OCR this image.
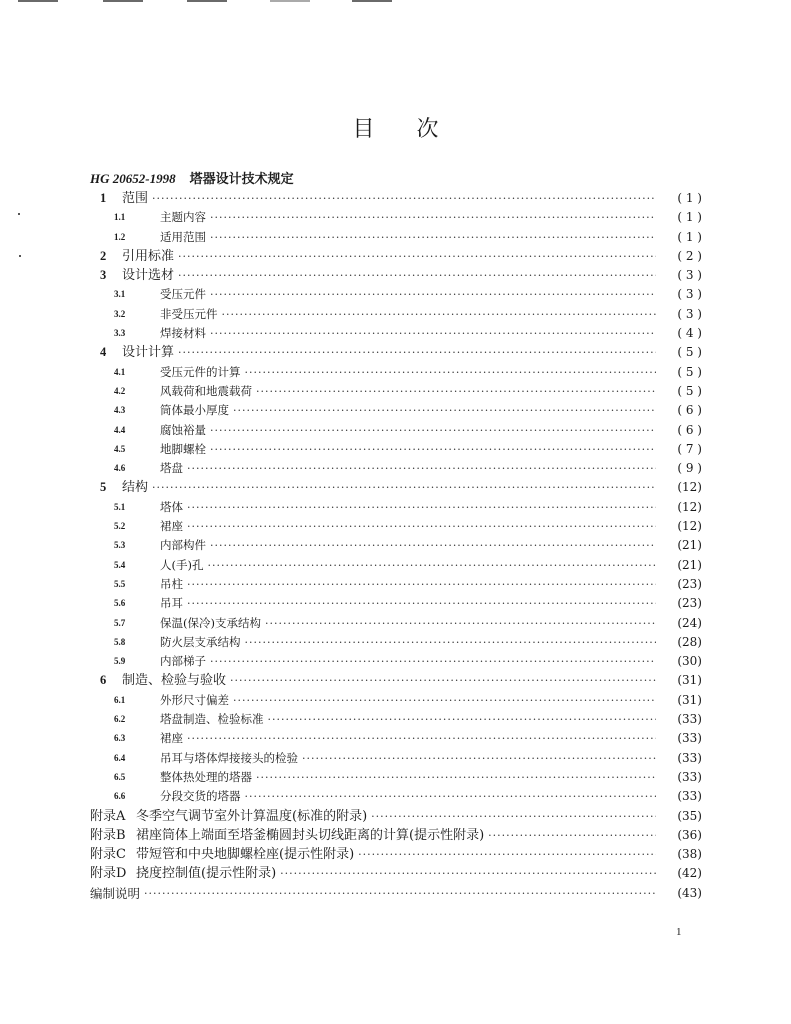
目 次
HG 20652-1998 塔器设计技术规定
1	范围 ·····	( 1 )
1.1	主题内容 ·····	( 1 )
1.2	适用范围 ·····	( 1 )
2	引用标准 ·····	( 2 )
3	设计选材 ·····	( 3 )
3.1	受压元件 ·····	( 3 )
3.2	非受压元件 ·····	( 3 )
3.3	焊接材料 ·····	( 4 )
4	设计计算 ·····	( 5 )
4.1	受压元件的计算 ·····	( 5 )
4.2	风载荷和地震载荷 ·····	( 5 )
4.3	筒体最小厚度 ·····	( 6 )
4.4	腐蚀裕量 ·····	( 6 )
4.5	地脚螺栓 ·····	( 7 )
4.6	塔盘 ·····	( 9 )
5	结构 ·····	(12)
5.1	塔体 ·····	(12)
5.2	裙座 ·····	(12)
5.3	内部构件 ·····	(21)
5.4	人(手)孔 ·····	(21)
5.5	吊柱 ·····	(23)
5.6	吊耳 ·····	(23)
5.7	保温(保冷)支承结构 ·····	(24)
5.8	防火层支承结构 ·····	(28)
5.9	内部梯子 ·····	(30)
6	制造、检验与验收 ·····	(31)
6.1	外形尺寸偏差 ·····	(31)
6.2	塔盘制造、检验标准 ·····	(33)
6.3	裙座 ·····	(33)
6.4	吊耳与塔体焊接接头的检验 ·····	(33)
6.5	整体热处理的塔器 ·····	(33)
6.6	分段交货的塔器 ·····	(33)
附录A 冬季空气调节室外计算温度(标准的附录) ·····	(35)
附录B 裙座筒体上端面至塔釜椭圆封头切线距离的计算(提示性附录) ·····	(36)
附录C 带短管和中央地脚螺栓座(提示性附录) ·····	(38)
附录D 挠度控制值(提示性附录) ·····	(42)
编制说明 ·····	(43)
1
